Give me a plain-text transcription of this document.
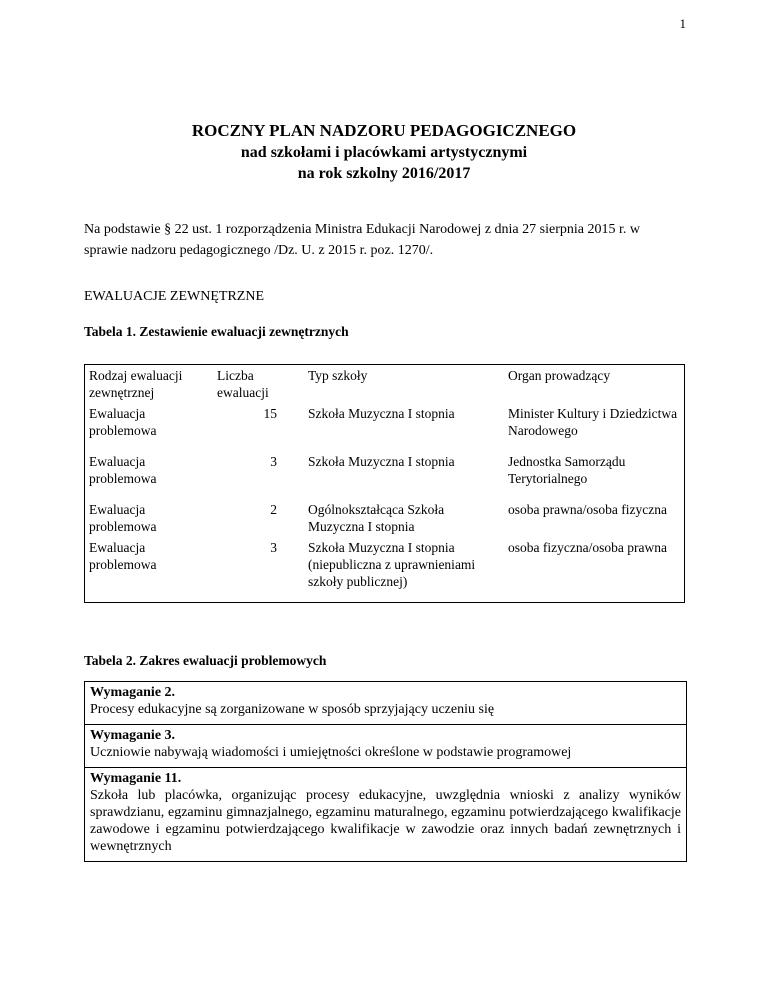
1
ROCZNY PLAN NADZORU PEDAGOGICZNEGO
nad szkołami i placówkami artystycznymi
na rok szkolny 2016/2017

Na podstawie § 22 ust. 1 rozporządzenia Ministra Edukacji Narodowej z dnia 27 sierpnia 2015 r. w sprawie nadzoru pedagogicznego /Dz. U. z 2015 r. poz. 1270/.

EWALUACJE ZEWNĘTRZNE
Tabela 1. Zestawienie ewaluacji zewnętrznych
Rodzaj ewaluacji zewnętrznej	Liczba ewaluacji	Typ szkoły	Organ prowadzący
Ewaluacja problemowa	15	Szkoła Muzyczna I stopnia	Minister Kultury i Dziedzictwa Narodowego
Ewaluacja problemowa	3	Szkoła Muzyczna I stopnia	Jednostka Samorządu Terytorialnego
Ewaluacja problemowa	2	Ogólnokształcąca Szkoła Muzyczna I stopnia	osoba prawna/osoba fizyczna
Ewaluacja problemowa	3	Szkoła Muzyczna I stopnia (niepubliczna z uprawnieniami szkoły publicznej)	osoba fizyczna/osoba prawna
Tabela 2. Zakres ewaluacji problemowych
Wymaganie 2.
Procesy edukacyjne są zorganizowane w sposób sprzyjający uczeniu się
Wymaganie 3.
Uczniowie nabywają wiadomości i umiejętności określone w podstawie programowej
Wymaganie 11.
Szkoła lub placówka, organizując procesy edukacyjne, uwzględnia wnioski z analizy wyników sprawdzianu, egzaminu gimnazjalnego, egzaminu maturalnego, egzaminu potwierdzającego kwalifikacje zawodowe i egzaminu potwierdzającego kwalifikacje w zawodzie oraz innych badań zewnętrznych i wewnętrznych
